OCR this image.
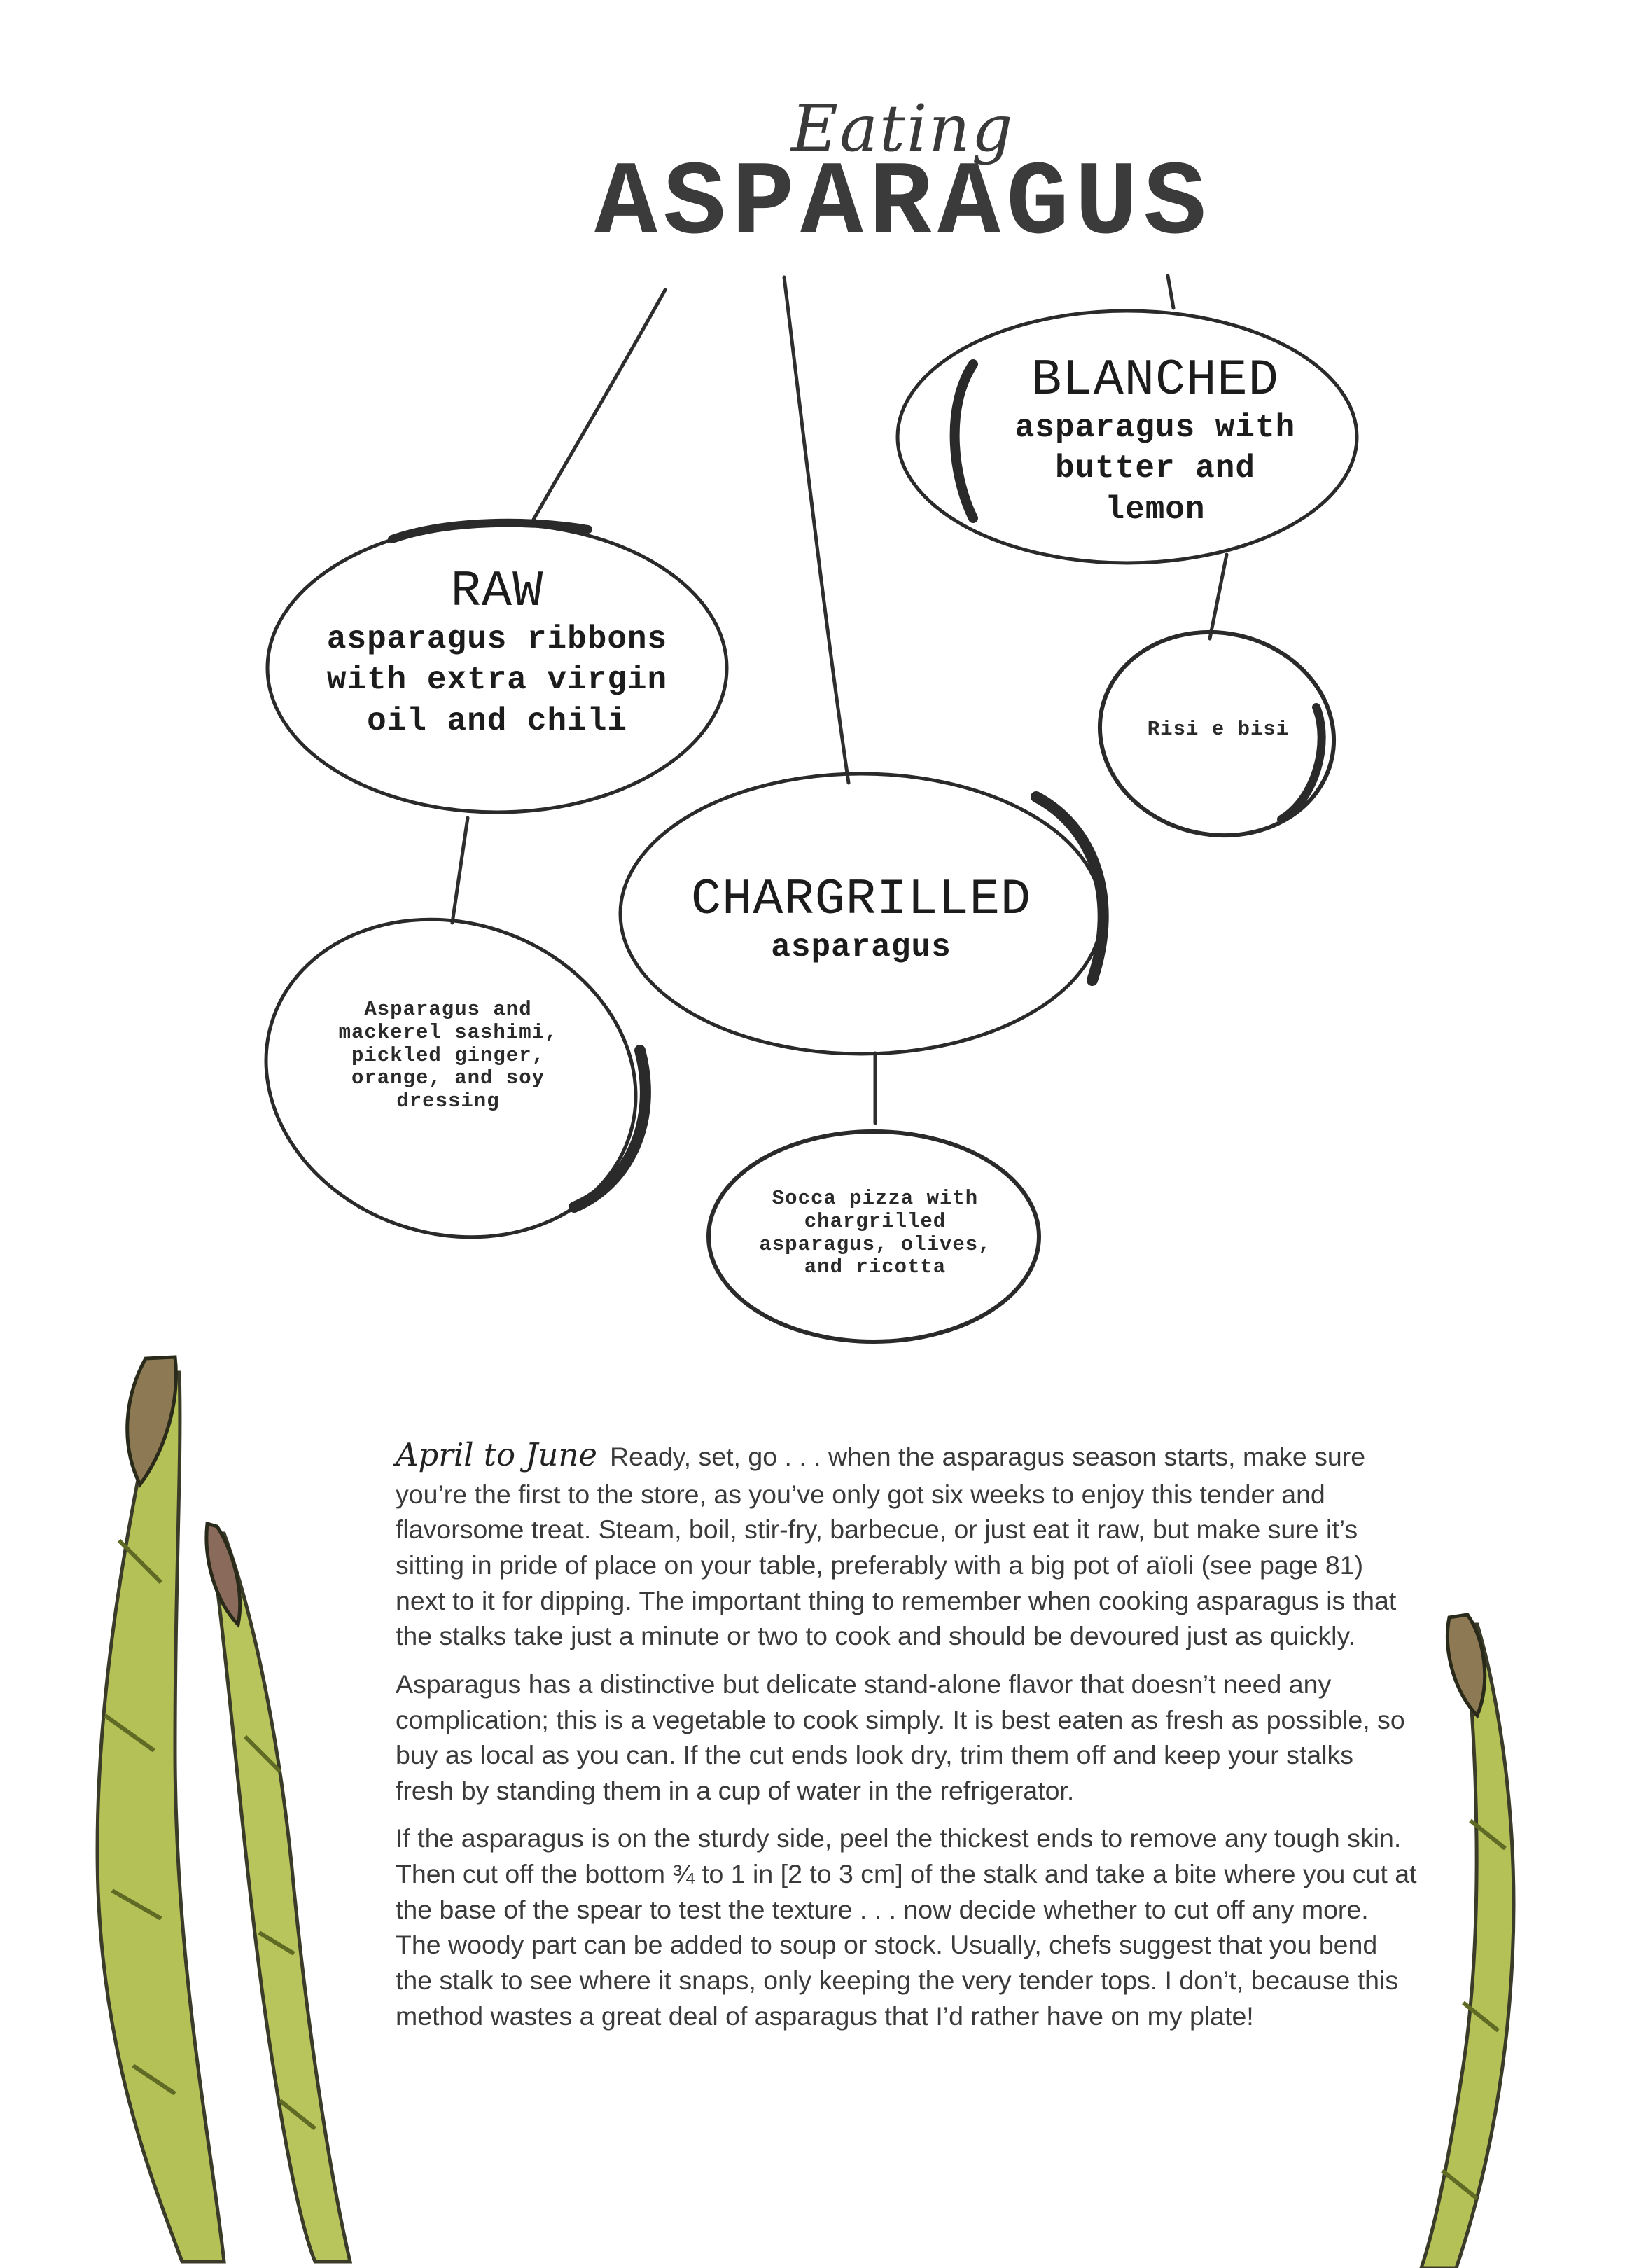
Eating
ASPARAGUS
RAW
asparagus ribbons
with extra virgin
oil and chili
CHARGRILLED
asparagus
BLANCHED
asparagus with
butter and
lemon
Asparagus and
mackerel sashimi,
pickled ginger,
orange, and soy
dressing
Socca pizza with
chargrilled
asparagus, olives,
and ricotta
Risi e bisi

April to June Ready, set, go . . . when the asparagus season starts, make sure you’re the first to the store, as you’ve only got six weeks to enjoy this tender and flavorsome treat. Steam, boil, stir-fry, barbecue, or just eat it raw, but make sure it’s sitting in pride of place on your table, preferably with a big pot of aïoli (see page 81) next to it for dipping. The important thing to remember when cooking asparagus is that the stalks take just a minute or two to cook and should be devoured just as quickly.

Asparagus has a distinctive but delicate stand-alone flavor that doesn’t need any complication; this is a vegetable to cook simply. It is best eaten as fresh as possible, so buy as local as you can. If the cut ends look dry, trim them off and keep your stalks fresh by standing them in a cup of water in the refrigerator.

If the asparagus is on the sturdy side, peel the thickest ends to remove any tough skin. Then cut off the bottom ¾ to 1 in [2 to 3 cm] of the stalk and take a bite where you cut at the base of the spear to test the texture . . . now decide whether to cut off any more. The woody part can be added to soup or stock. Usually, chefs suggest that you bend the stalk to see where it snaps, only keeping the very tender tops. I don’t, because this method wastes a great deal of asparagus that I’d rather have on my plate!
